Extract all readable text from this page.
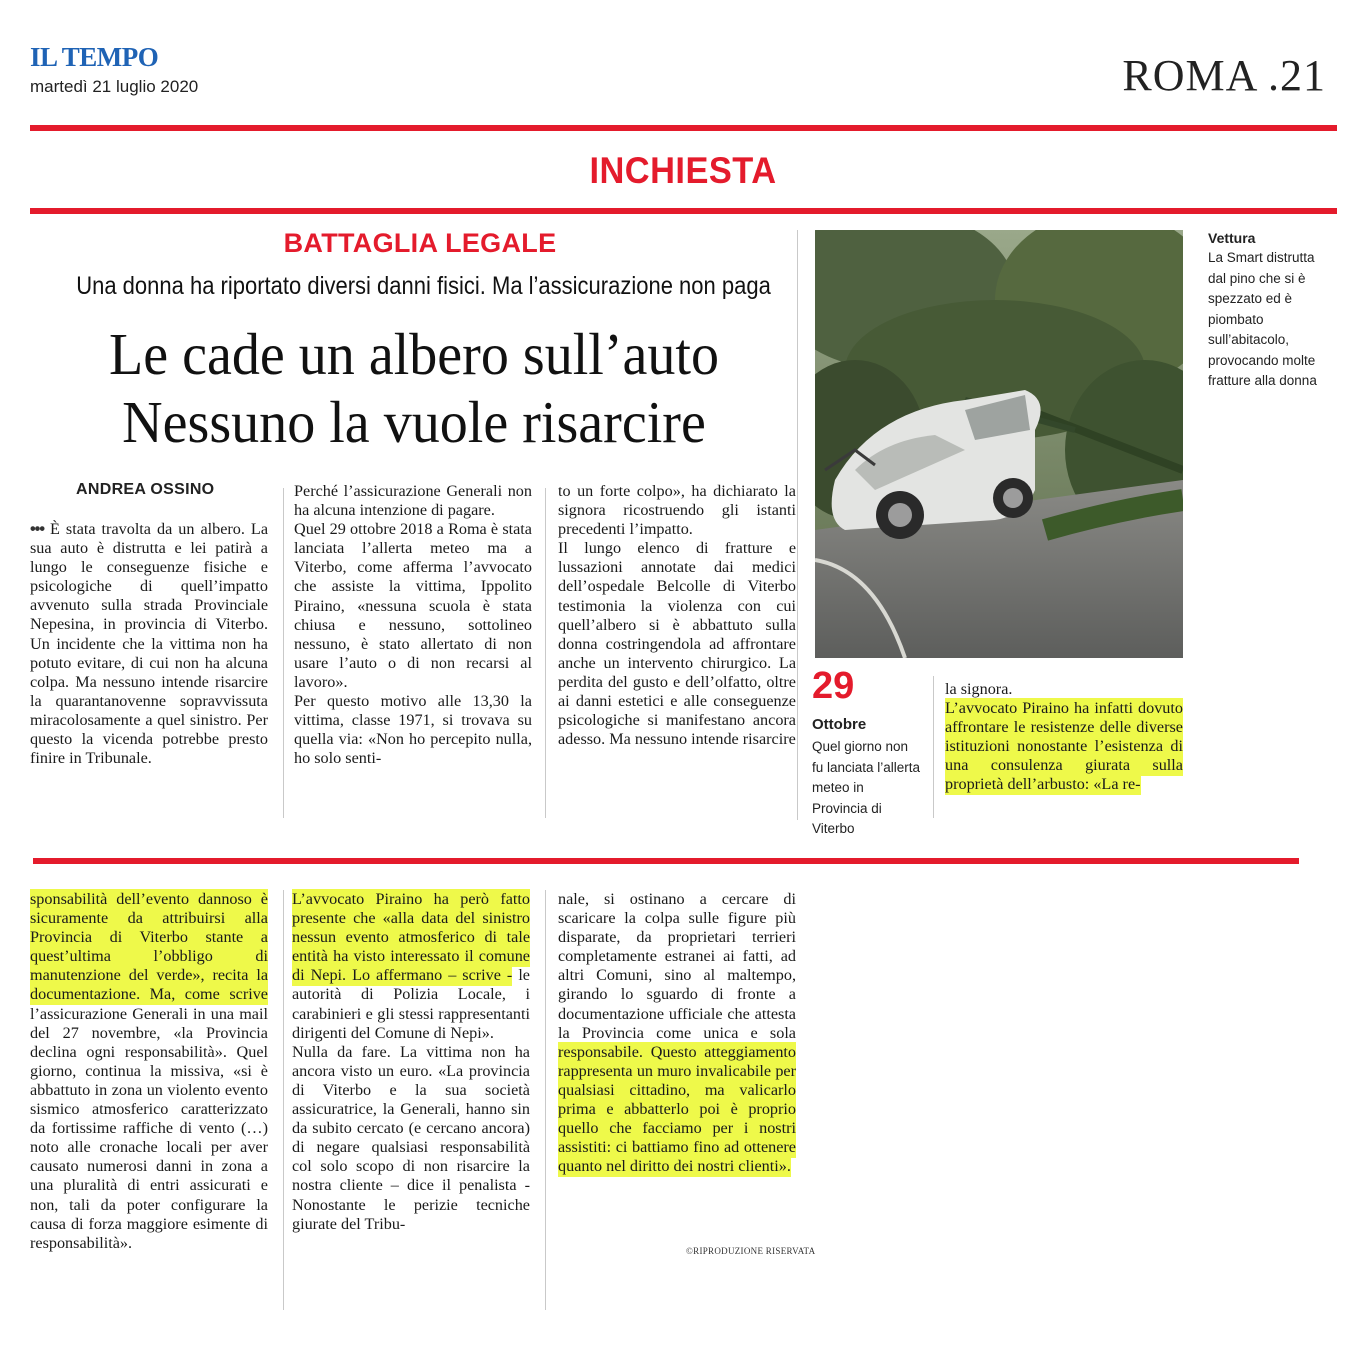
IL TEMPO
martedì 21 luglio 2020	ROMA .21
INCHIESTA
BATTAGLIA LEGALE
Una donna ha riportato diversi danni fisici. Ma l’assicurazione non paga
Le cade un albero sull’auto
Nessuno la vuole risarcire
ANDREA OSSINO

••• È stata travolta da un albero. La sua auto è distrutta e lei patirà a lungo le conseguenze fisiche e psicologiche di quell’impatto avvenuto sulla strada Provinciale Nepesina, in provincia di Viterbo. Un incidente che la vittima non ha potuto evitare, di cui non ha alcuna colpa. Ma nessuno intende risarcire la quarantanovenne sopravvissuta miracolosamente a quel sinistro. Per questo la vicenda potrebbe presto finire in Tribunale.

Perché l’assicurazione Generali non ha alcuna intenzione di pagare.

Quel 29 ottobre 2018 a Roma è stata lanciata l’allerta meteo ma a Viterbo, come afferma l’avvocato che assiste la vittima, Ippolito Piraino, «nessuna scuola è stata chiusa e nessuno, sottolineo nessuno, è stato allertato di non usare l’auto o di non recarsi al lavoro».

Per questo motivo alle 13,30 la vittima, classe 1971, si trovava su quella via: «Non ho percepito nulla, ho solo senti-

to un forte colpo», ha dichiarato la signora ricostruendo gli istanti precedenti l’impatto.

Il lungo elenco di fratture e lussazioni annotate dai medici dell’ospedale Belcolle di Viterbo testimonia la violenza con cui quell’albero si è abbattuto sulla donna costringendola ad affrontare anche un intervento chirurgico. La perdita del gusto e dell’olfatto, oltre ai danni estetici e alle conseguenze psicologiche si manifestano ancora adesso. Ma nessuno intende risarcire

Vettura
La Smart distrutta dal pino che si è spezzato ed è piombato sull’abitacolo, provocando molte fratture alla donna
29
Ottobre
Quel giorno non fu lanciata l’allerta meteo in Provincia di Viterbo

la signora.
L’avvocato Piraino ha infatti dovuto affrontare le resistenze delle diverse istituzioni nonostante l’esistenza di una consulenza giurata sulla proprietà dell’arbusto: «La re-

sponsabilità dell’evento dannoso è sicuramente da attribuirsi alla Provincia di Viterbo stante a quest’ultima l’obbligo di manutenzione del verde», recita la documentazione. Ma, come scrive l’assicurazione Generali in una mail del 27 novembre, «la Provincia declina ogni responsabilità». Quel giorno, continua la missiva, «si è abbattuto in zona un violento evento sismico atmosferico caratterizzato da fortissime raffiche di vento (…) noto alle cronache locali per aver causato numerosi danni in zona a una pluralità di entri assicurati e non, tali da poter configurare la causa di forza maggiore esimente di responsabilità».

L’avvocato Piraino ha però fatto presente che «alla data del sinistro nessun evento atmosferico di tale entità ha visto interessato il comune di Nepi. Lo affermano – scrive - le autorità di Polizia Locale, i carabinieri e gli stessi rappresentanti dirigenti del Comune di Nepi».

Nulla da fare. La vittima non ha ancora visto un euro. «La provincia di Viterbo e la sua società assicuratrice, la Generali, hanno sin da subito cercato (e cercano ancora) di negare qualsiasi responsabilità col solo scopo di non risarcire la nostra cliente – dice il penalista - Nonostante le perizie tecniche giurate del Tribu-

nale, si ostinano a cercare di scaricare la colpa sulle figure più disparate, da proprietari terrieri completamente estranei ai fatti, ad altri Comuni, sino al maltempo, girando lo sguardo di fronte a documentazione ufficiale che attesta la Provincia come unica e sola responsabile. Questo atteggiamento rappresenta un muro invalicabile per qualsiasi cittadino, ma valicarlo prima e abbatterlo poi è proprio quello che facciamo per i nostri assistiti: ci battiamo fino ad ottenere quanto nel diritto dei nostri clienti».

©RIPRODUZIONE RISERVATA
